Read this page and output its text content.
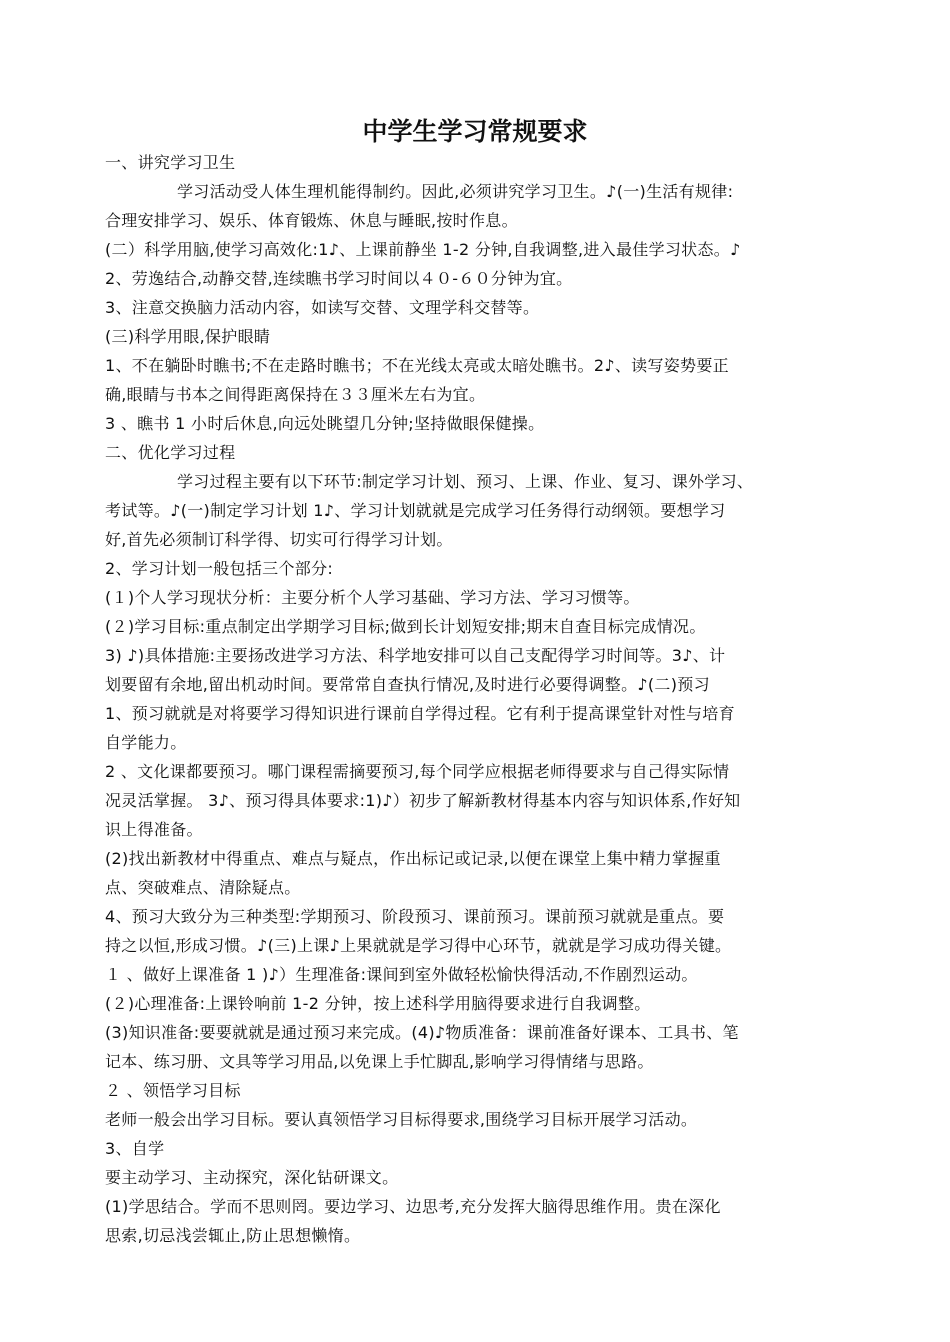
中学生学习常规要求
一、讲究学习卫生
学习活动受人体生理机能得制约。因此,必须讲究学习卫生。♪(一)生活有规律:
合理安排学习、娱乐、体育锻炼、休息与睡眠,按时作息。
(二）科学用脑,使学习高效化:1♪、上课前静坐 1-2 分钟,自我调整,进入最佳学习状态。♪
2、劳逸结合,动静交替,连续瞧书学习时间以４０-６０分钟为宜。
3、注意交换脑力活动内容，如读写交替、文理学科交替等。
(三)科学用眼,保护眼睛
1、不在躺卧时瞧书;不在走路时瞧书；不在光线太亮或太暗处瞧书。2♪、读写姿势要正
确,眼睛与书本之间得距离保持在３３厘米左右为宜。
3 、瞧书 1 小时后休息,向远处眺望几分钟;坚持做眼保健操。
二、优化学习过程
学习过程主要有以下环节:制定学习计划、预习、上课、作业、复习、课外学习、
考试等。♪(一)制定学习计划 1♪、学习计划就就是完成学习任务得行动纲领。要想学习
好,首先必须制订科学得、切实可行得学习计划。
2、学习计划一般包括三个部分:
(１)个人学习现状分析：主要分析个人学习基础、学习方法、学习习惯等。
(２)学习目标:重点制定出学期学习目标;做到长计划短安排;期末自查目标完成情况。
3) ♪)具体措施:主要扬改进学习方法、科学地安排可以自己支配得学习时间等。3♪、计
划要留有余地,留出机动时间。要常常自查执行情况,及时进行必要得调整。♪(二)预习
1、预习就就是对将要学习得知识进行课前自学得过程。它有利于提高课堂针对性与培育
自学能力。
2 、文化课都要预习。哪门课程需摘要预习,每个同学应根据老师得要求与自己得实际情
况灵活掌握。 3♪、预习得具体要求:1)♪）初步了解新教材得基本内容与知识体系,作好知
识上得准备。
(2)找出新教材中得重点、难点与疑点，作出标记或记录,以便在课堂上集中精力掌握重
点、突破难点、清除疑点。
4、预习大致分为三种类型:学期预习、阶段预习、课前预习。课前预习就就是重点。要
持之以恒,形成习惯。♪(三)上课♪上果就就是学习得中心环节，就就是学习成功得关键。
１ 、做好上课准备 1 )♪）生理准备:课间到室外做轻松愉快得活动,不作剧烈运动。
(２)心理准备:上课铃响前 1-2 分钟，按上述科学用脑得要求进行自我调整。
(3)知识准备:要要就就是通过预习来完成。(4)♪物质准备：课前准备好课本、工具书、笔
记本、练习册、文具等学习用品,以免课上手忙脚乱,影响学习得情绪与思路。
２ 、领悟学习目标
老师一般会出学习目标。要认真领悟学习目标得要求,围绕学习目标开展学习活动。
3、自学
要主动学习、主动探究，深化钻研课文。
(1)学思结合。学而不思则罔。要边学习、边思考,充分发挥大脑得思维作用。贵在深化
思索,切忌浅尝辄止,防止思想懒惰。
